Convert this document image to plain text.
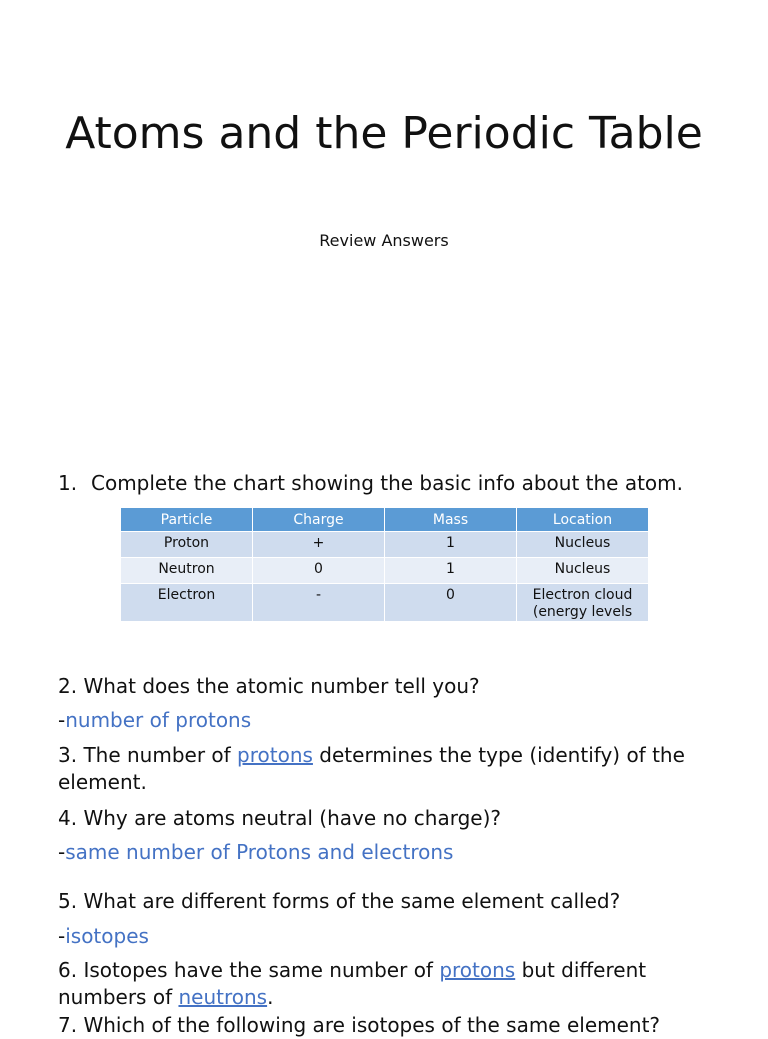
Atoms and the Periodic Table
Review Answers
1. Complete the chart showing the basic info about the atom.
Particle	Charge	Mass	Location
Proton	+	1	Nucleus
Neutron	0	1	Nucleus
Electron	-	0	Electron cloud (energy levels
2. What does the atomic number tell you?
-number of protons
3. The number of protons determines the type (identify) of the element.
4. Why are atoms neutral (have no charge)?
-same number of Protons and electrons
5. What are different forms of the same element called?
-isotopes
6. Isotopes have the same number of protons but different numbers of neutrons.
7. Which of the following are isotopes of the same element?
